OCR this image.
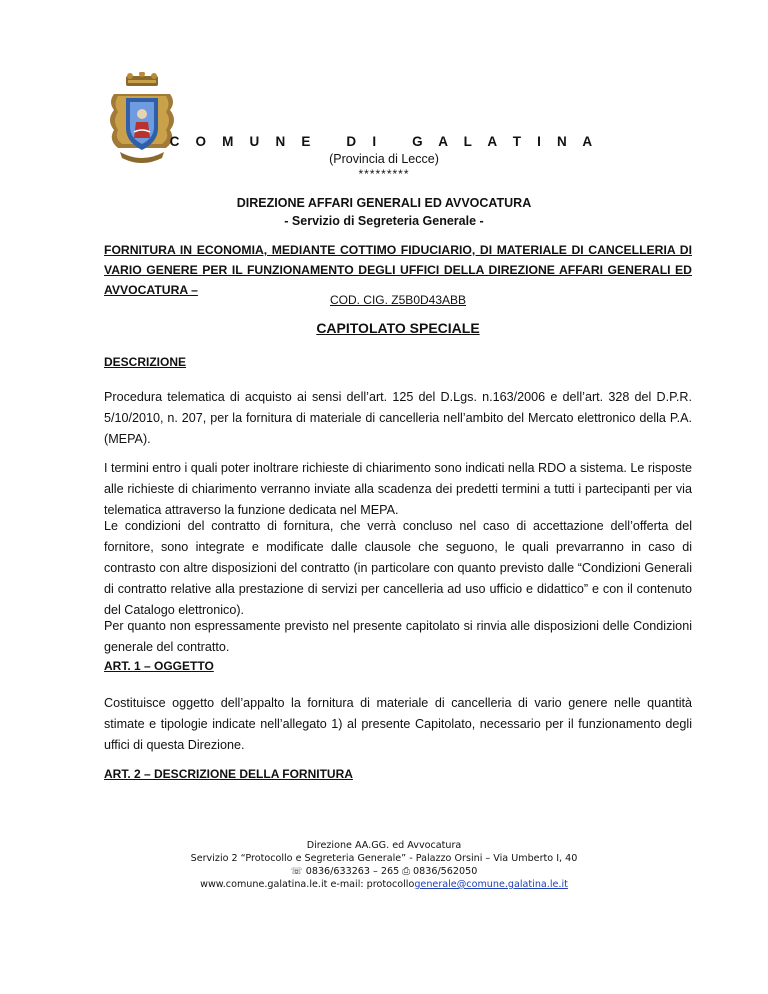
C O M U N E   D I   G A L A T I N A
(Provincia di Lecce)
*********
DIREZIONE AFFARI GENERALI ED AVVOCATURA
- Servizio di Segreteria Generale -
FORNITURA IN ECONOMIA, MEDIANTE COTTIMO FIDUCIARIO, DI MATERIALE DI CANCELLERIA DI VARIO GENERE PER IL FUNZIONAMENTO DEGLI UFFICI DELLA DIREZIONE AFFARI GENERALI ED AVVOCATURA –
COD. CIG. Z5B0D43ABB
CAPITOLATO SPECIALE
DESCRIZIONE
Procedura telematica di acquisto ai sensi dell’art. 125 del D.Lgs. n.163/2006 e dell’art. 328 del D.P.R. 5/10/2010, n. 207, per la fornitura di materiale di cancelleria nell’ambito del Mercato elettronico della P.A. (MEPA).
I termini entro i quali poter inoltrare richieste di chiarimento sono indicati nella RDO a sistema. Le risposte alle richieste di chiarimento verranno inviate alla scadenza dei predetti termini a tutti i partecipanti per via telematica attraverso la funzione dedicata nel MEPA.
Le condizioni del contratto di fornitura, che verrà concluso nel caso di accettazione dell’offerta del fornitore, sono integrate e modificate dalle clausole che seguono, le quali prevarranno in caso di contrasto con altre disposizioni del contratto (in particolare con quanto previsto dalle “Condizioni Generali di contratto relative alla prestazione di servizi per cancelleria ad uso ufficio e didattico” e con il contenuto del Catalogo elettronico).
Per quanto non espressamente previsto nel presente capitolato si rinvia alle disposizioni delle Condizioni generale del contratto.
ART. 1 – OGGETTO
Costituisce oggetto dell’appalto la fornitura di materiale di cancelleria di vario genere nelle quantità stimate e tipologie indicate nell’allegato 1) al presente Capitolato, necessario per il funzionamento degli uffici di questa Direzione.
ART. 2 – DESCRIZIONE DELLA FORNITURA
Direzione AA.GG. ed Avvocatura
Servizio 2 “Protocollo e Segreteria Generale” - Palazzo Orsini – Via Umberto I, 40
☏ 0836/633263 – 265 ⎙ 0836/562050
www.comune.galatina.le.it e-mail: protocollogenerale@comune.galatina.le.it
